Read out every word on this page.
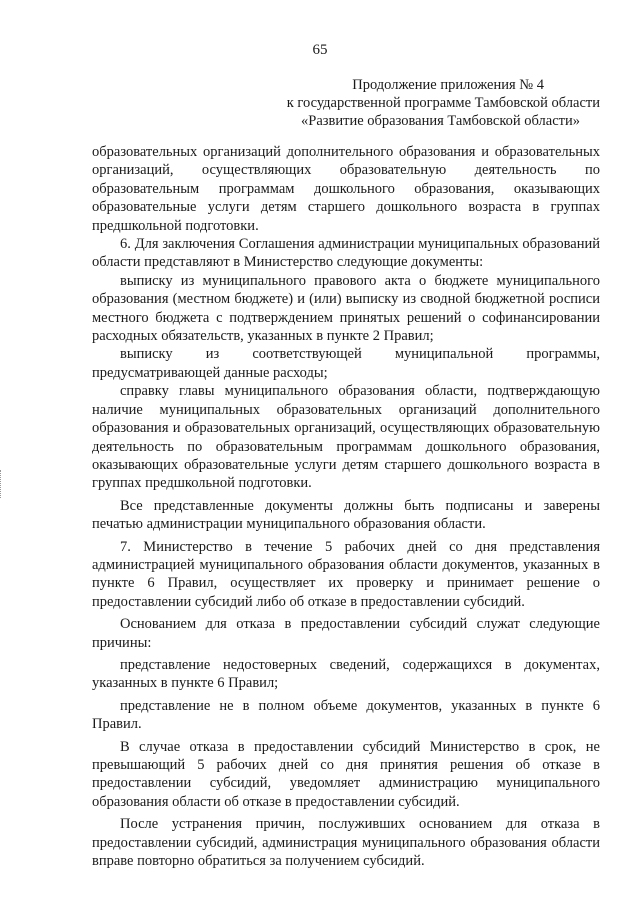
65
Продолжение приложения № 4
к государственной программе Тамбовской области
«Развитие образования Тамбовской области»

образовательных организаций дополнительного образования и образовательных организаций, осуществляющих образовательную деятельность по образовательным программам дошкольного образования, оказывающих образовательные услуги детям старшего дошкольного возраста в группах предшкольной подготовки.

6. Для заключения Соглашения администрации муниципальных образований области представляют в Министерство следующие документы:

выписку из муниципального правового акта о бюджете муниципального образования (местном бюджете) и (или) выписку из сводной бюджетной росписи местного бюджета с подтверждением принятых решений о софинансировании расходных обязательств, указанных в пункте 2 Правил;

выписку из соответствующей муниципальной программы, предусматривающей данные расходы;

справку главы муниципального образования области, подтверждающую наличие муниципальных образовательных организаций дополнительного образования и образовательных организаций, осуществляющих образовательную деятельность по образовательным программам дошкольного образования, оказывающих образовательные услуги детям старшего дошкольного возраста в группах предшкольной подготовки.

Все представленные документы должны быть подписаны и заверены печатью администрации муниципального образования области.

7. Министерство в течение 5 рабочих дней со дня представления администрацией муниципального образования области документов, указанных в пункте 6 Правил, осуществляет их проверку и принимает решение о предоставлении субсидий либо об отказе в предоставлении субсидий.

Основанием для отказа в предоставлении субсидий служат следующие причины:

представление недостоверных сведений, содержащихся в документах, указанных в пункте 6 Правил;

представление не в полном объеме документов, указанных в пункте 6 Правил.

В случае отказа в предоставлении субсидий Министерство в срок, не превышающий 5 рабочих дней со дня принятия решения об отказе в предоставлении субсидий, уведомляет администрацию муниципального образования области об отказе в предоставлении субсидий.

После устранения причин, послуживших основанием для отказа в предоставлении субсидий, администрация муниципального образования области вправе повторно обратиться за получением субсидий.
